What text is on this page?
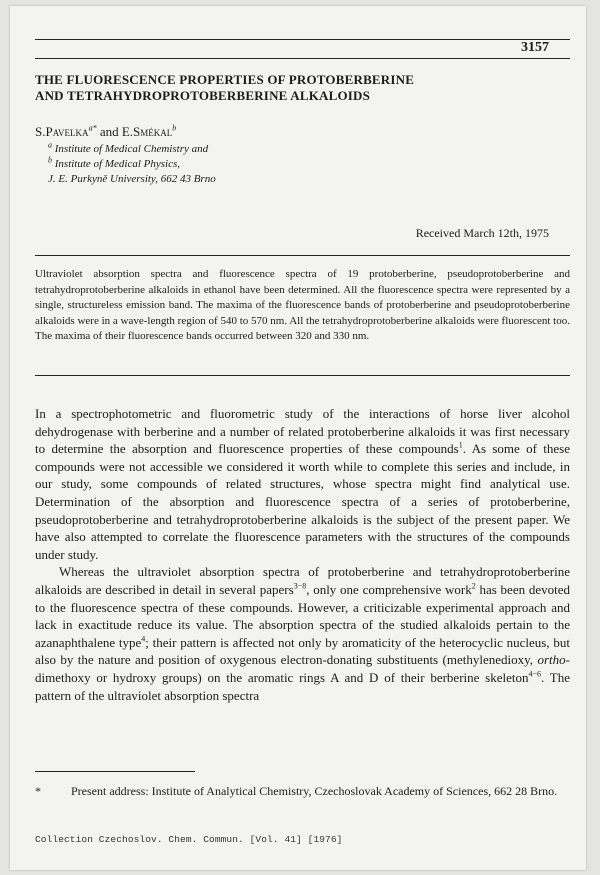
3157
THE FLUORESCENCE PROPERTIES OF PROTOBERBERINE
AND TETRAHYDROPROTOBERBERINE ALKALOIDS
S.Pavelka$^{a*}$ and E.Smékal$^b$
$^a$ Institute of Medical Chemistry and
$^b$ Institute of Medical Physics,
J. E. Purkyně University, 662 43 Brno
Received March 12th, 1975
Ultraviolet absorption spectra and fluorescence spectra of 19 protoberberine, pseudoprotoberberine and tetrahydroprotoberberine alkaloids in ethanol have been determined. All the fluorescence spectra were represented by a single, structureless emission band. The maxima of the fluorescence bands of protoberberine and pseudoprotoberberine alkaloids were in a wave-length region of 540 to 570 nm. All the tetrahydroprotoberberine alkaloids were fluorescent too. The maxima of their fluorescence bands occurred between 320 and 330 nm.

In a spectrophotometric and fluorometric study of the interactions of horse liver alcohol dehydrogenase with berberine and a number of related protoberberine alkaloids it was first necessary to determine the absorption and fluorescence properties of these compounds$^1$. As some of these compounds were not accessible we considered it worth while to complete this series and include, in our study, some compounds of related structures, whose spectra might find analytical use. Determination of the absorption and fluorescence spectra of a series of protoberberine, pseudoprotoberberine and tetrahydroprotoberberine alkaloids is the subject of the present paper. We have also attempted to correlate the fluorescence parameters with the structures of the compounds under study.

Whereas the ultraviolet absorption spectra of protoberberine and tetrahydroprotoberberine alkaloids are described in detail in several papers$^{3-8}$, only one comprehensive work$^2$ has been devoted to the fluorescence spectra of these compounds. However, a criticizable experimental approach and lack in exactitude reduce its value. The absorption spectra of the studied alkaloids pertain to the azanaphthalene type$^4$; their pattern is affected not only by aromaticity of the heterocyclic nucleus, but also by the nature and position of oxygenous electron-donating substituents (methylenedioxy, ortho-dimethoxy or hydroxy groups) on the aromatic rings A and D of their berberine skeleton$^{4-6}$. The pattern of the ultraviolet absorption spectra

*	Present address: Institute of Analytical Chemistry, Czechoslovak Academy of Sciences, 662 28 Brno.
Collection Czechoslov. Chem. Commun. [Vol. 41] [1976]
